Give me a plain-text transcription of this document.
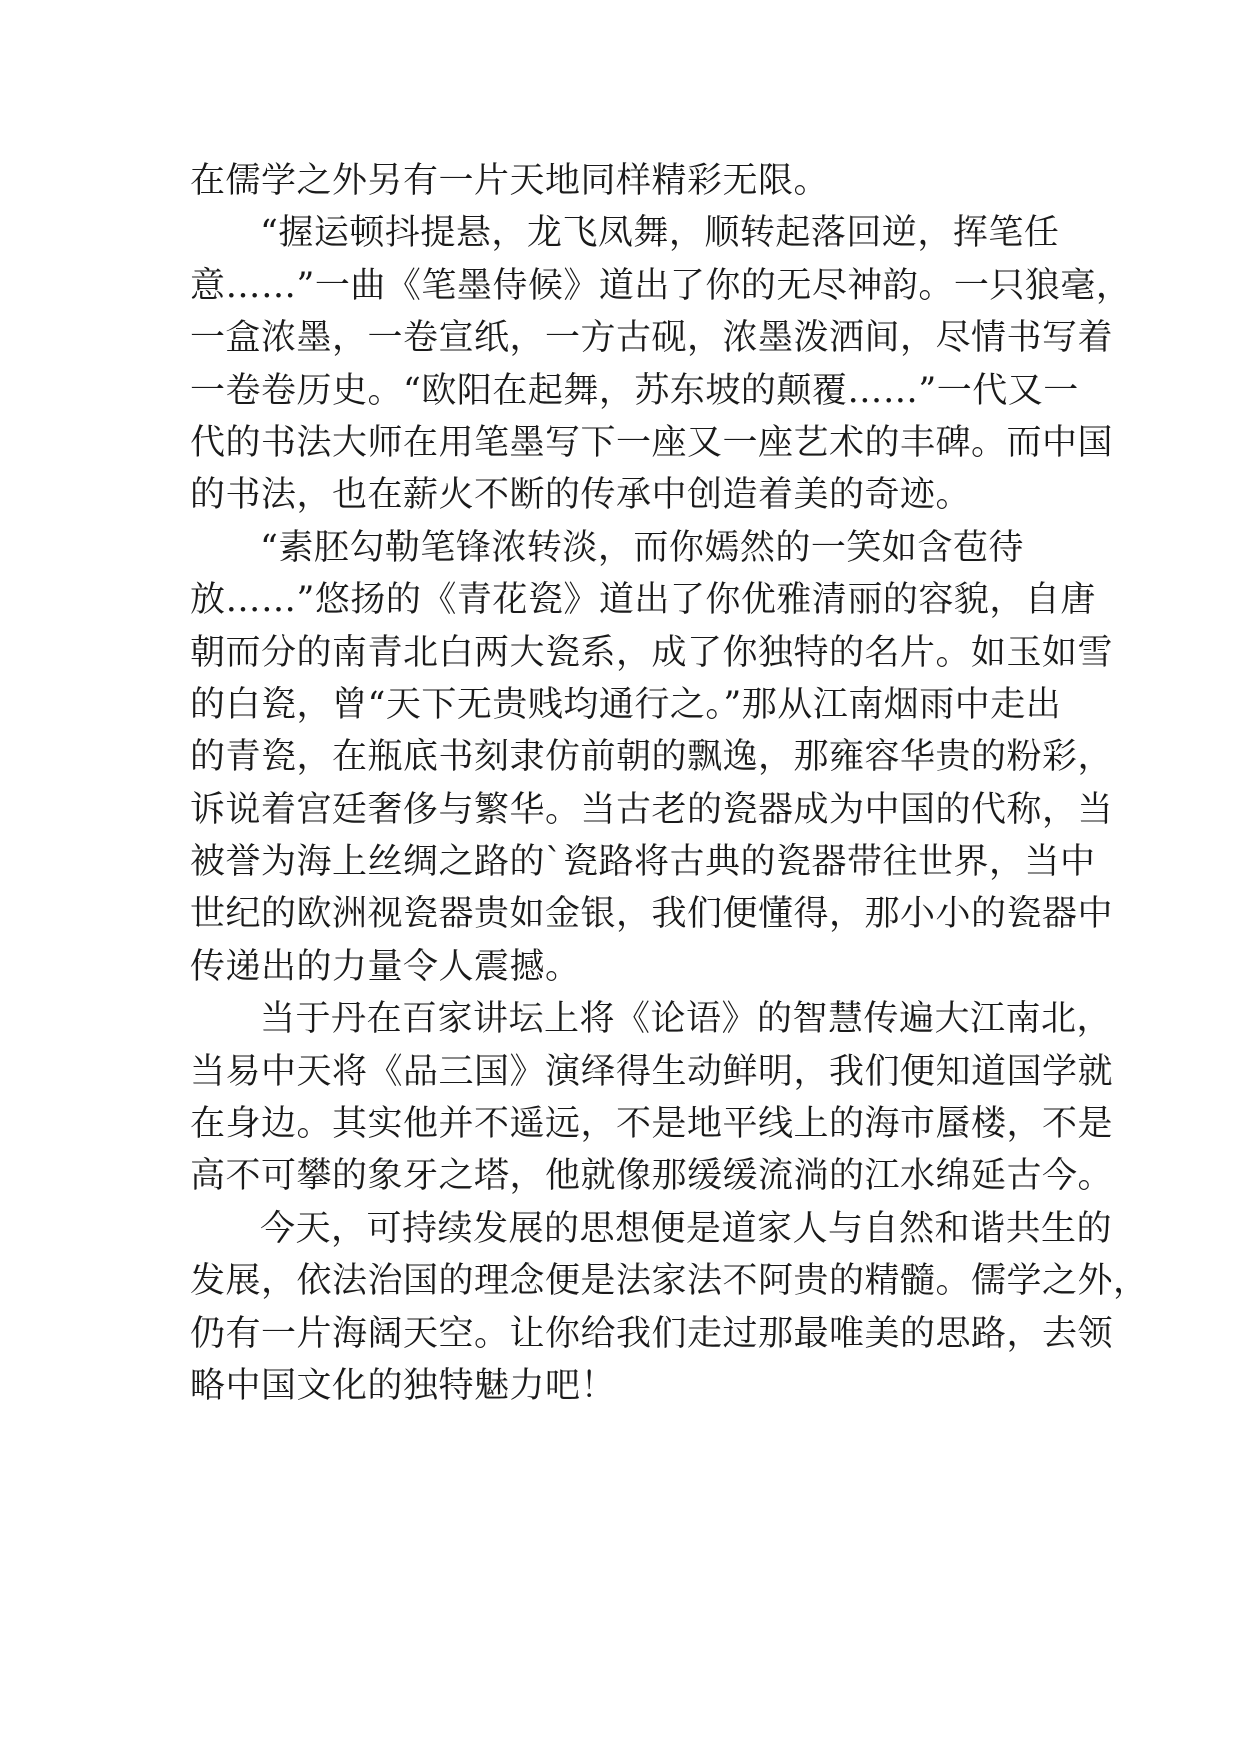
在儒学之外另有一片天地同样精彩无限。
“握运顿抖提悬，龙飞凤舞，顺转起落回逆，挥笔任
意……”一曲《笔墨侍候》道出了你的无尽神韵。一只狼毫，
一盒浓墨，一卷宣纸，一方古砚，浓墨泼洒间，尽情书写着
一卷卷历史。“欧阳在起舞，苏东坡的颠覆……”一代又一
代的书法大师在用笔墨写下一座又一座艺术的丰碑。而中国
的书法，也在薪火不断的传承中创造着美的奇迹。
“素胚勾勒笔锋浓转淡，而你嫣然的一笑如含苞待
放……”悠扬的《青花瓷》道出了你优雅清丽的容貌，自唐
朝而分的南青北白两大瓷系，成了你独特的名片。如玉如雪
的白瓷，曾“天下无贵贱均通行之。”那从江南烟雨中走出
的青瓷，在瓶底书刻隶仿前朝的飘逸，那雍容华贵的粉彩，
诉说着宫廷奢侈与繁华。当古老的瓷器成为中国的代称，当
被誉为海上丝绸之路的`瓷路将古典的瓷器带往世界，当中
世纪的欧洲视瓷器贵如金银，我们便懂得，那小小的瓷器中
传递出的力量令人震撼。
当于丹在百家讲坛上将《论语》的智慧传遍大江南北，
当易中天将《品三国》演绎得生动鲜明，我们便知道国学就
在身边。其实他并不遥远，不是地平线上的海市蜃楼，不是
高不可攀的象牙之塔，他就像那缓缓流淌的江水绵延古今。
今天，可持续发展的思想便是道家人与自然和谐共生的
发展，依法治国的理念便是法家法不阿贵的精髓。儒学之外，
仍有一片海阔天空。让你给我们走过那最唯美的思路，去领
略中国文化的独特魅力吧！
